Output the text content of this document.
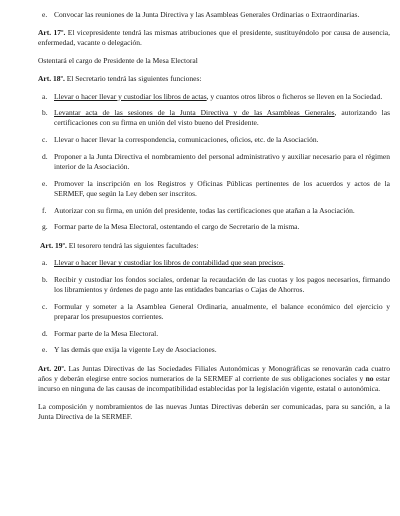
e. Convocar las reuniones de la Junta Directiva y las Asambleas Generales Ordinarias o Extraordinarias.

Art. 17º. El vicepresidente tendrá las mismas atribuciones que el presidente, sustituyéndolo por causa de ausencia, enfermedad, vacante o delegación.

Ostentará el cargo de Presidente de la Mesa Electoral

Art. 18º. El Secretario tendrá las siguientes funciones:

a. Llevar o hacer llevar y custodiar los libros de actas, y cuantos otros libros o ficheros se lleven en la Sociedad.
b. Levantar acta de las sesiones de la Junta Directiva y de las Asambleas Generales, autorizando las certificaciones con su firma en unión del visto bueno del Presidente.
c. Llevar o hacer llevar la correspondencia, comunicaciones, oficios, etc. de la Asociación.
d. Proponer a la Junta Directiva el nombramiento del personal administrativo y auxiliar necesario para el régimen interior de la Asociación.
e. Promover la inscripción en los Registros y Oficinas Públicas pertinentes de los acuerdos y actos de la SERMEF, que según la Ley deben ser inscritos.
f. Autorizar con su firma, en unión del presidente, todas las certificaciones que atañan a la Asociación.
g. Formar parte de la Mesa Electoral, ostentando el cargo de Secretario de la misma.

Art. 19º. El tesorero tendrá las siguientes facultades:

a. Llevar o hacer llevar y custodiar los libros de contabilidad que sean precisos.
b. Recibir y custodiar los fondos sociales, ordenar la recaudación de las cuotas y los pagos necesarios, firmando los libramientos y órdenes de pago ante las entidades bancarias o Cajas de Ahorros.
c. Formular y someter a la Asamblea General Ordinaria, anualmente, el balance económico del ejercicio y preparar los presupuestos corrientes.
d. Formar parte de la Mesa Electoral.
e. Y las demás que exija la vigente Ley de Asociaciones.

Art. 20º. Las Juntas Directivas de las Sociedades Filiales Autonómicas y Monográficas se renovarán cada cuatro años y deberán elegirse entre socios numerarios de la SERMEF al corriente de sus obligaciones sociales y no estar incurso en ninguna de las causas de incompatibilidad establecidas por la legislación vigente, estatal o autonómica.

La composición y nombramientos de las nuevas Juntas Directivas deberán ser comunicadas, para su sanción, a la Junta Directiva de la SERMEF.
